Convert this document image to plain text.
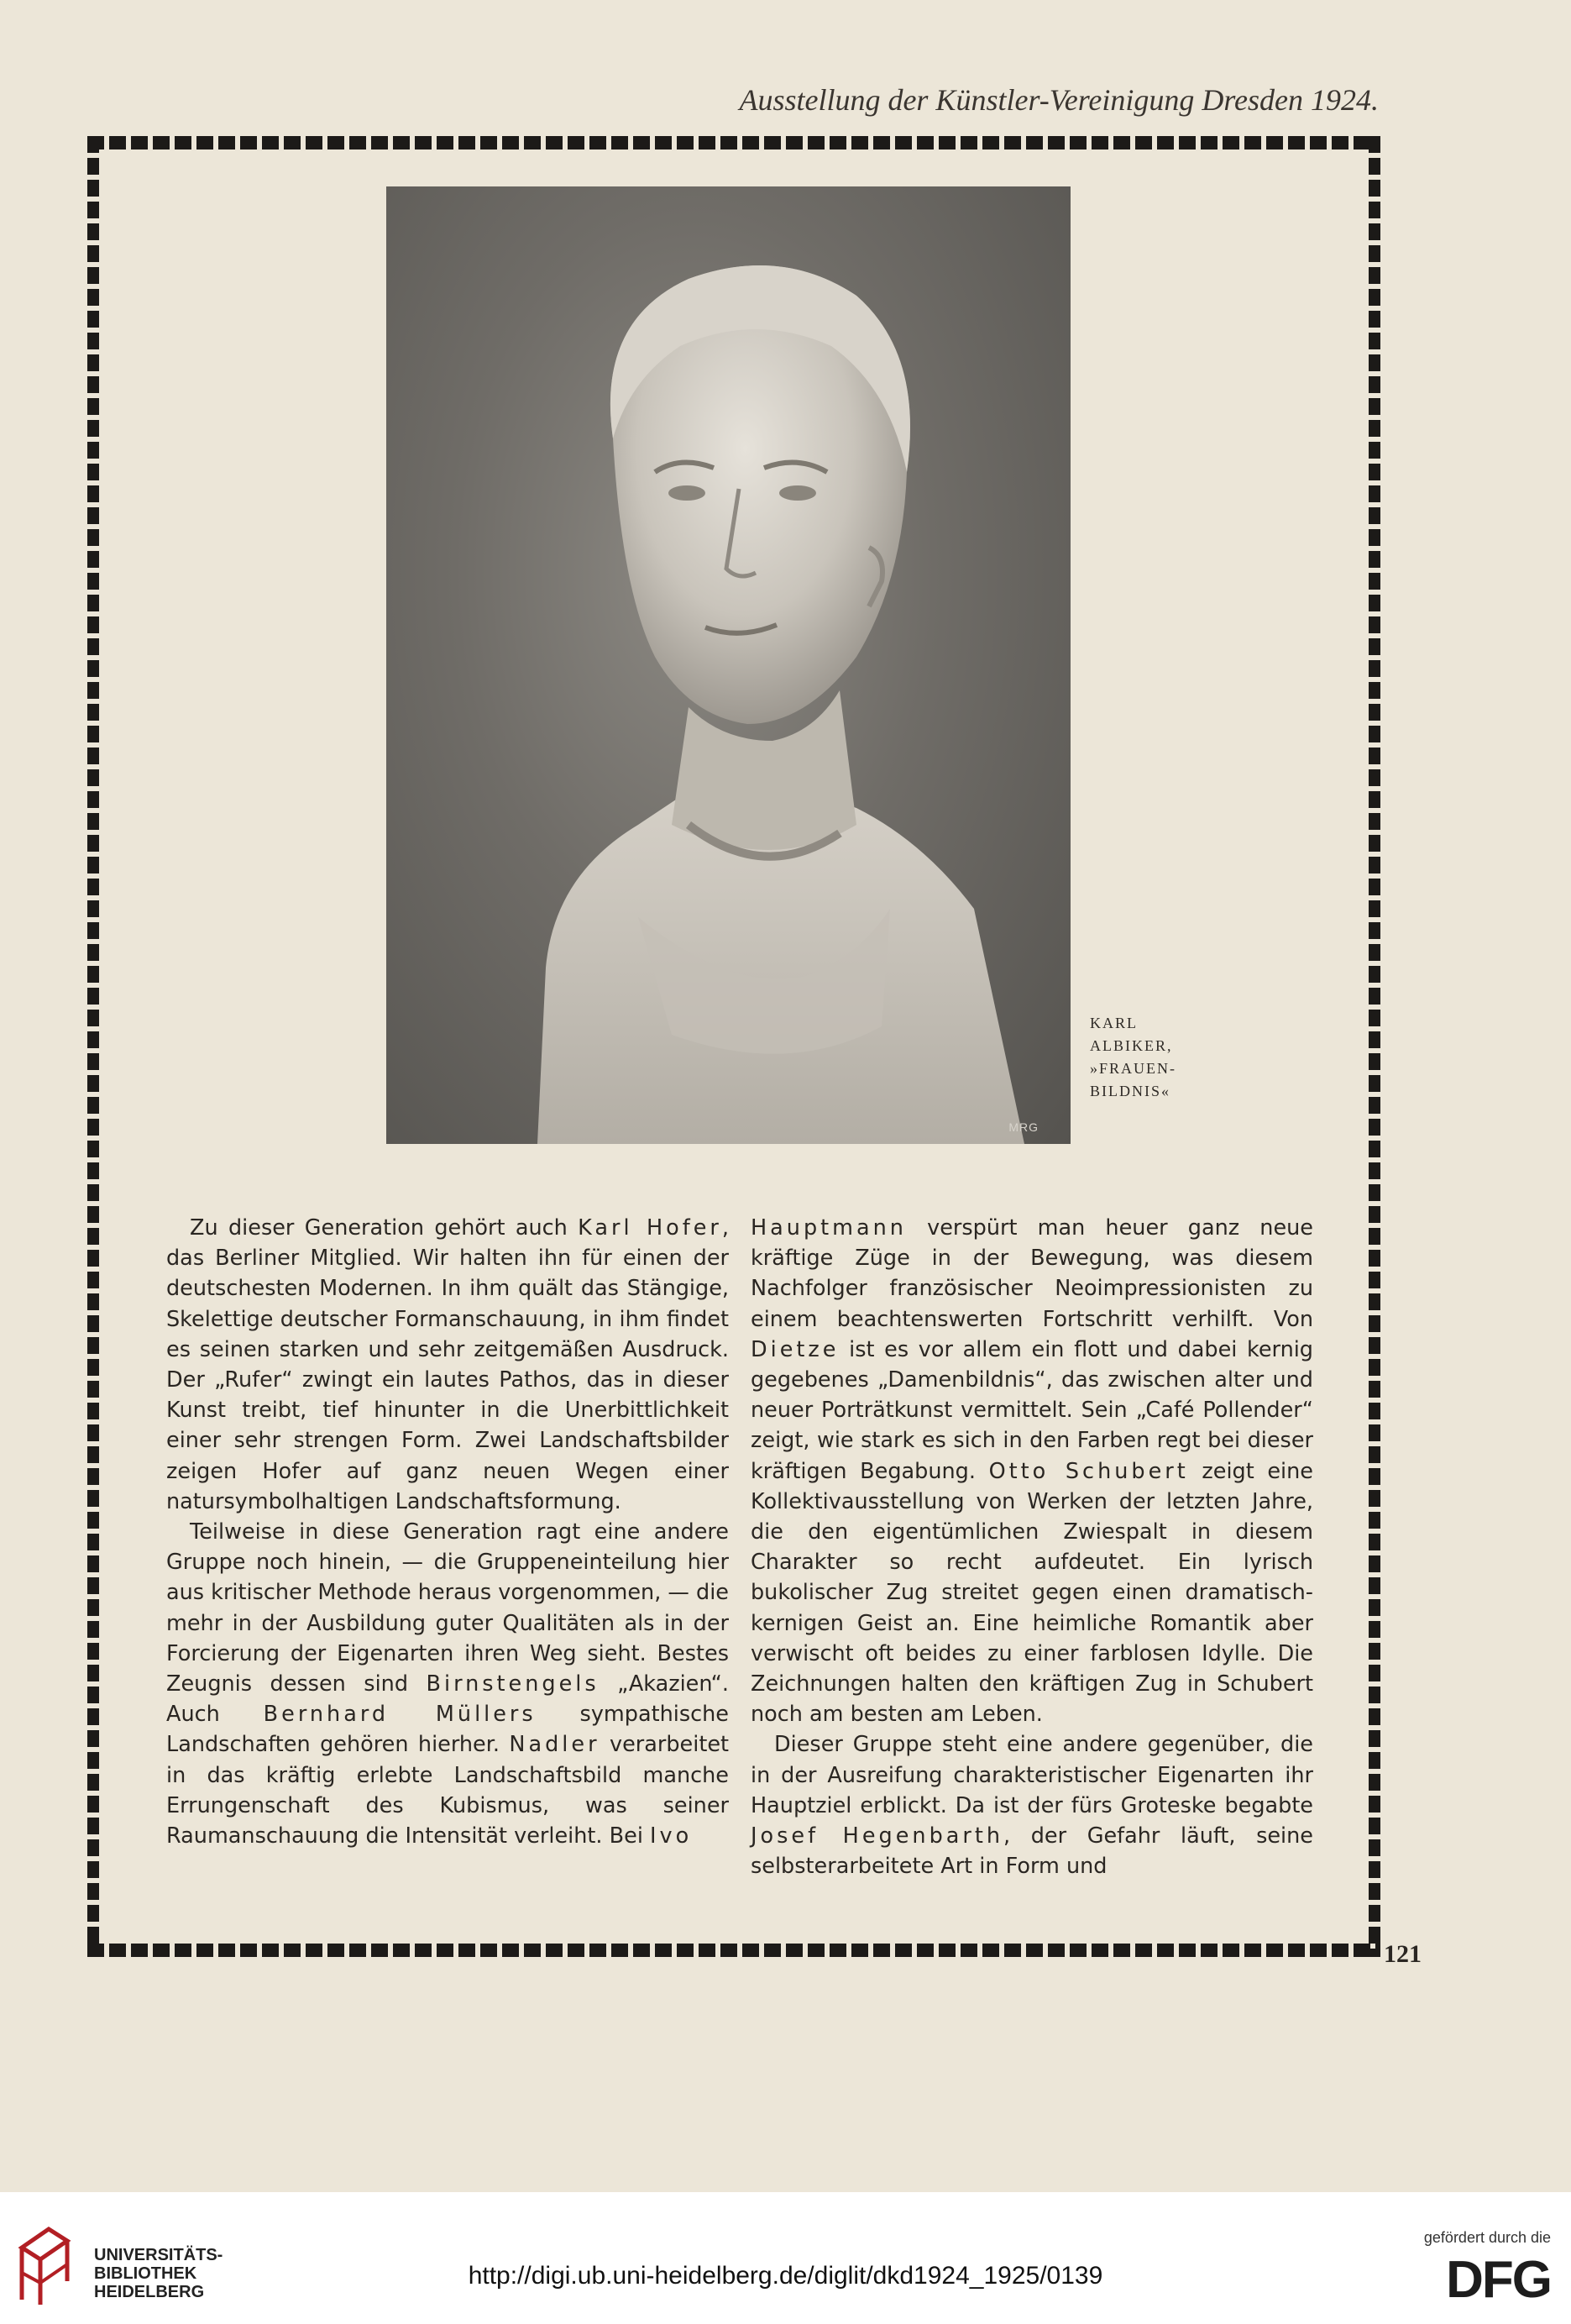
Ausstellung der Künstler-Vereinigung Dresden 1924.
MRG
KARL
ALBIKER,
»FRAUEN-
BILDNIS«

Zu dieser Generation gehört auch Karl Hofer, das Berliner Mitglied. Wir halten ihn für einen der deutschesten Modernen. In ihm quält das Stängige, Skelettige deutscher Formanschauung, in ihm findet es seinen starken und sehr zeitgemäßen Ausdruck. Der „Rufer“ zwingt ein lautes Pathos, das in dieser Kunst treibt, tief hinunter in die Unerbittlichkeit einer sehr strengen Form. Zwei Landschaftsbilder zeigen Hofer auf ganz neuen Wegen einer natursymbolhaltigen Landschaftsformung.

Teilweise in diese Generation ragt eine andere Gruppe noch hinein, — die Gruppeneinteilung hier aus kritischer Methode heraus vorgenommen, — die mehr in der Ausbildung guter Qualitäten als in der Forcierung der Eigenarten ihren Weg sieht. Bestes Zeugnis dessen sind Birnstengels „Akazien“. Auch Bernhard Müllers sympathische Landschaften gehören hierher. Nadler verarbeitet in das kräftig erlebte Landschaftsbild manche Errungenschaft des Kubismus, was seiner Raumanschauung die Intensität verleiht. Bei Ivo

Hauptmann verspürt man heuer ganz neue kräftige Züge in der Bewegung, was diesem Nachfolger französischer Neoimpressionisten zu einem beachtenswerten Fortschritt verhilft. Von Dietze ist es vor allem ein flott und dabei kernig gegebenes „Damenbildnis“, das zwischen alter und neuer Porträtkunst vermittelt. Sein „Café Pollender“ zeigt, wie stark es sich in den Farben regt bei dieser kräftigen Begabung. Otto Schubert zeigt eine Kollektivausstellung von Werken der letzten Jahre, die den eigentümlichen Zwiespalt in diesem Charakter so recht aufdeutet. Ein lyrisch bukolischer Zug streitet gegen einen dramatisch-kernigen Geist an. Eine heimliche Romantik aber verwischt oft beides zu einer farblosen Idylle. Die Zeichnungen halten den kräftigen Zug in Schubert noch am besten am Leben.

Dieser Gruppe steht eine andere gegenüber, die in der Ausreifung charakteristischer Eigenarten ihr Hauptziel erblickt. Da ist der fürs Groteske begabte Josef Hegenbarth, der Gefahr läuft, seine selbsterarbeitete Art in Form und

121
UNIVERSITÄTS-
BIBLIOTHEK
HEIDELBERG
http://digi.ub.uni-heidelberg.de/diglit/dkd1924_1925/0139
gefördert durch die
DFG
